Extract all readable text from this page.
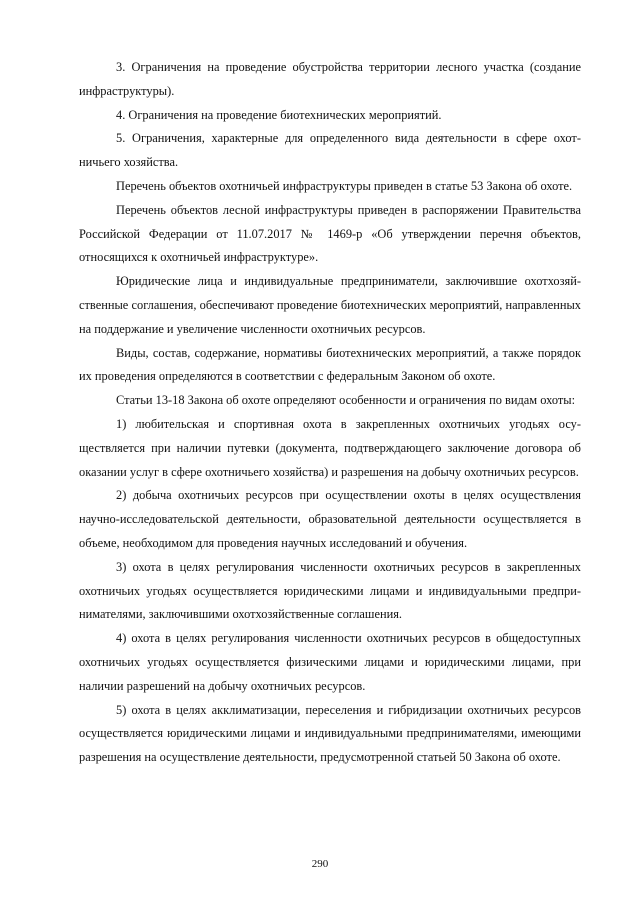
3. Ограничения на проведение обустройства территории лесного участка (создание инфраструктуры).

4. Ограничения на проведение биотехнических мероприятий.

5. Ограничения, характерные для определенного вида деятельности в сфере охотничьего хозяйства.

Перечень объектов охотничьей инфраструктуры приведен в статье 53 Закона об охоте.

Перечень объектов лесной инфраструктуры приведен в распоряжении Правительства Российской Федерации от 11.07.2017 № 1469-р «Об утверждении перечня объектов, относящихся к охотничьей инфраструктуре».

Юридические лица и индивидуальные предприниматели, заключившие охотхозяйственные соглашения, обеспечивают проведение биотехнических мероприятий, направленных на поддержание и увеличение численности охотничьих ресурсов.

Виды, состав, содержание, нормативы биотехнических мероприятий, а также порядок их проведения определяются в соответствии с федеральным Законом об охоте.

Статьи 13-18 Закона об охоте определяют особенности и ограничения по видам охоты:

1) любительская и спортивная охота в закрепленных охотничьих угодьях осуществляется при наличии путевки (документа, подтверждающего заключение договора об оказании услуг в сфере охотничьего хозяйства) и разрешения на добычу охотничьих ресурсов.

2) добыча охотничьих ресурсов при осуществлении охоты в целях осуществления научно-исследовательской деятельности, образовательной деятельности осуществляется в объеме, необходимом для проведения научных исследований и обучения.

3) охота в целях регулирования численности охотничьих ресурсов в закрепленных охотничьих угодьях осуществляется юридическими лицами и индивидуальными предпринимателями, заключившими охотхозяйственные соглашения.

4) охота в целях регулирования численности охотничьих ресурсов в общедоступных охотничьих угодьях осуществляется физическими лицами и юридическими лицами, при наличии разрешений на добычу охотничьих ресурсов.

5) охота в целях акклиматизации, переселения и гибридизации охотничьих ресурсов осуществляется юридическими лицами и индивидуальными предпринимателями, имеющими разрешения на осуществление деятельности, предусмотренной статьей 50 Закона об охоте.

290
